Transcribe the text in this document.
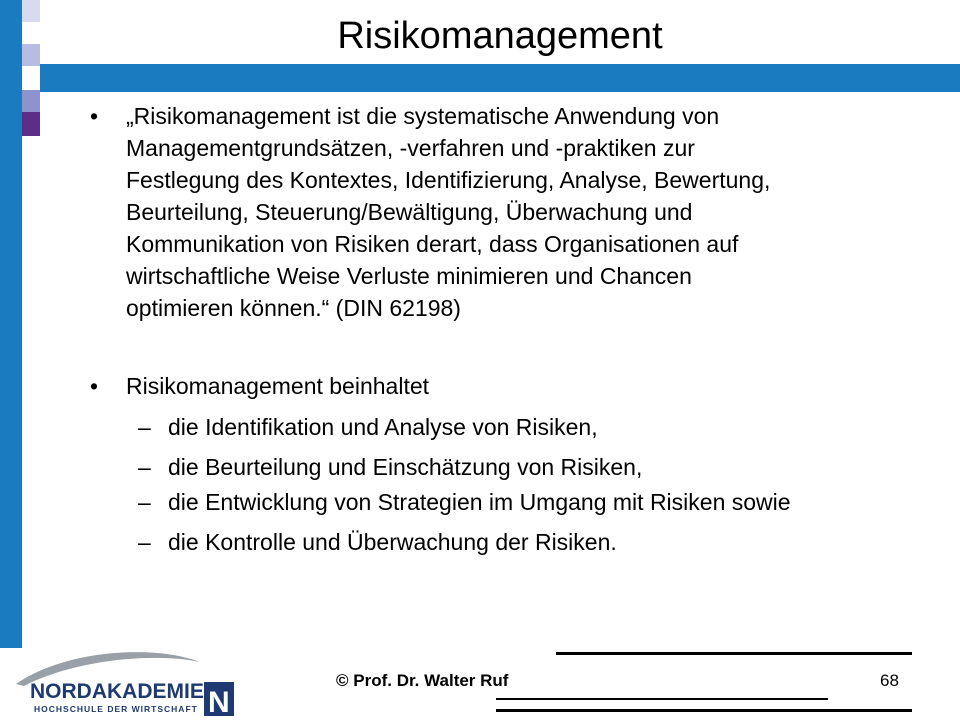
Risikomanagement
• „Risikomanagement ist die systematische Anwendung von
Managementgrundsätzen, -verfahren und -praktiken zur
Festlegung des Kontextes, Identifizierung, Analyse, Bewertung,
Beurteilung, Steuerung/Bewältigung, Überwachung und
Kommunikation von Risiken derart, dass Organisationen auf
wirtschaftliche Weise Verluste minimieren und Chancen
optimieren können.“ (DIN 62198)
• Risikomanagement beinhaltet
– die Identifikation und Analyse von Risiken,
– die Beurteilung und Einschätzung von Risiken,
– die Entwicklung von Strategien im Umgang mit Risiken sowie
– die Kontrolle und Überwachung der Risiken.
© Prof. Dr. Walter Ruf	68
NORDAKADEMIE
HOCHSCHULE DER WIRTSCHAFT N
